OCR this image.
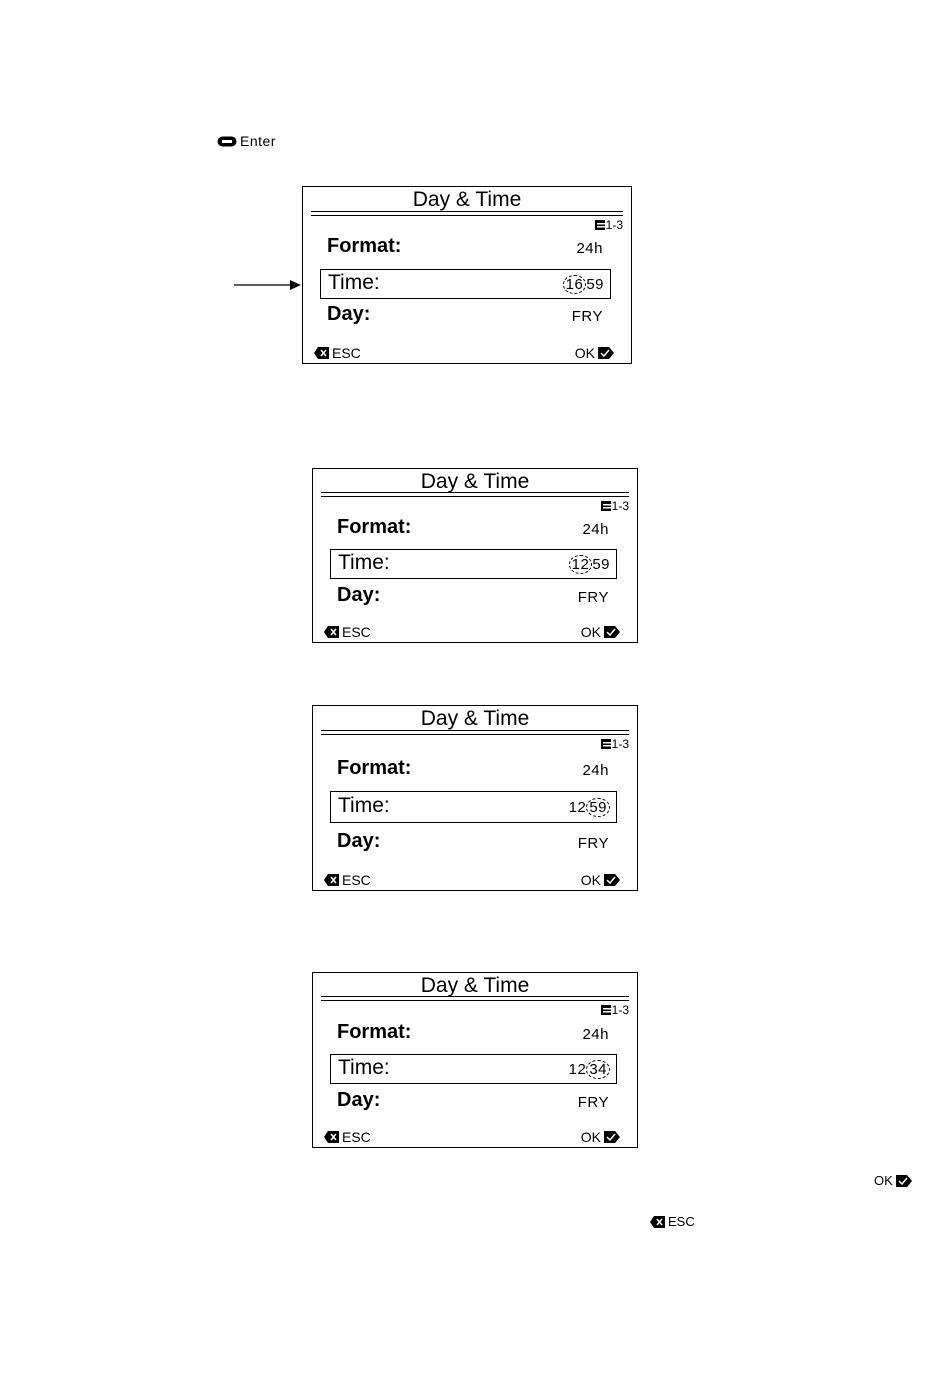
Enter
Day & Time
1-3
Format:	24h
Time:	16 59
Day:	FRY
ESC	OK
Day & Time
1-3
Format:	24h
Time:	12 59
Day:	FRY
ESC	OK
Day & Time
1-3
Format:	24h
Time:	12 59
Day:	FRY
ESC	OK
Day & Time
1-3
Format:	24h
Time:	12 34
Day:	FRY
ESC	OK
OK
ESC
